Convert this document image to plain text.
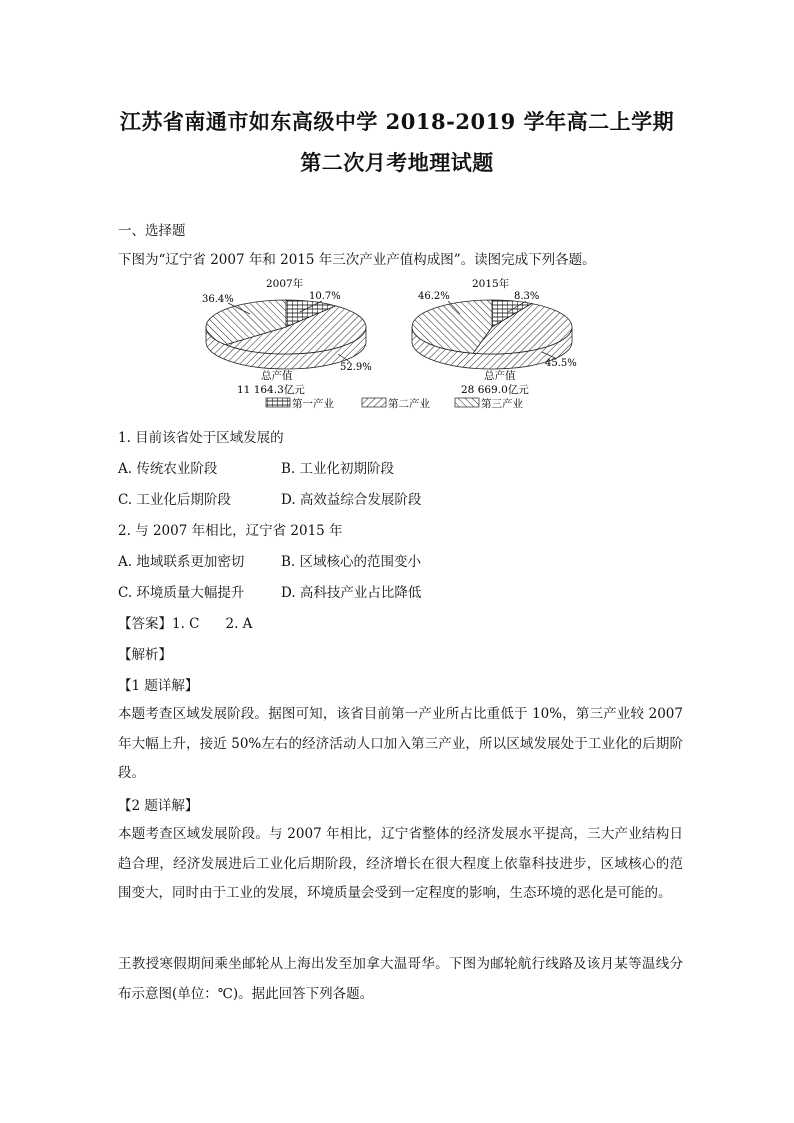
江苏省南通市如东高级中学 2018-2019 学年高二上学期
第二次月考地理试题
一、选择题
下图为“辽宁省 2007 年和 2015 年三次产业产值构成图”。读图完成下列各题。
2007年
10.7%
52.9%
36.4%
总产值
11 164.3亿元
2015年
8.3%
45.5%
46.2%
总产值
28 669.0亿元
第一产业	第二产业	第三产业
1. 目前该省处于区域发展的
A. 传统农业阶段	B. 工业化初期阶段
C. 工业化后期阶段	D. 高效益综合发展阶段
2. 与 2007 年相比，辽宁省 2015 年
A. 地域联系更加密切	B. 区域核心的范围变小
C. 环境质量大幅提升	D. 高科技产业占比降低
【答案】1. C 2. A
【解析】
【1 题详解】
本题考查区域发展阶段。据图可知，该省目前第一产业所占比重低于 10%，第三产业较 2007 年大幅上升，接近 50%左右的经济活动人口加入第三产业，所以区域发展处于工业化的后期阶段。
【2 题详解】
本题考查区域发展阶段。与 2007 年相比，辽宁省整体的经济发展水平提高，三大产业结构日趋合理，经济发展进后工业化后期阶段，经济增长在很大程度上依靠科技进步，区域核心的范围变大，同时由于工业的发展，环境质量会受到一定程度的影响，生态环境的恶化是可能的。
王教授寒假期间乘坐邮轮从上海出发至加拿大温哥华。下图为邮轮航行线路及该月某等温线分布示意图(单位：℃)。据此回答下列各题。
